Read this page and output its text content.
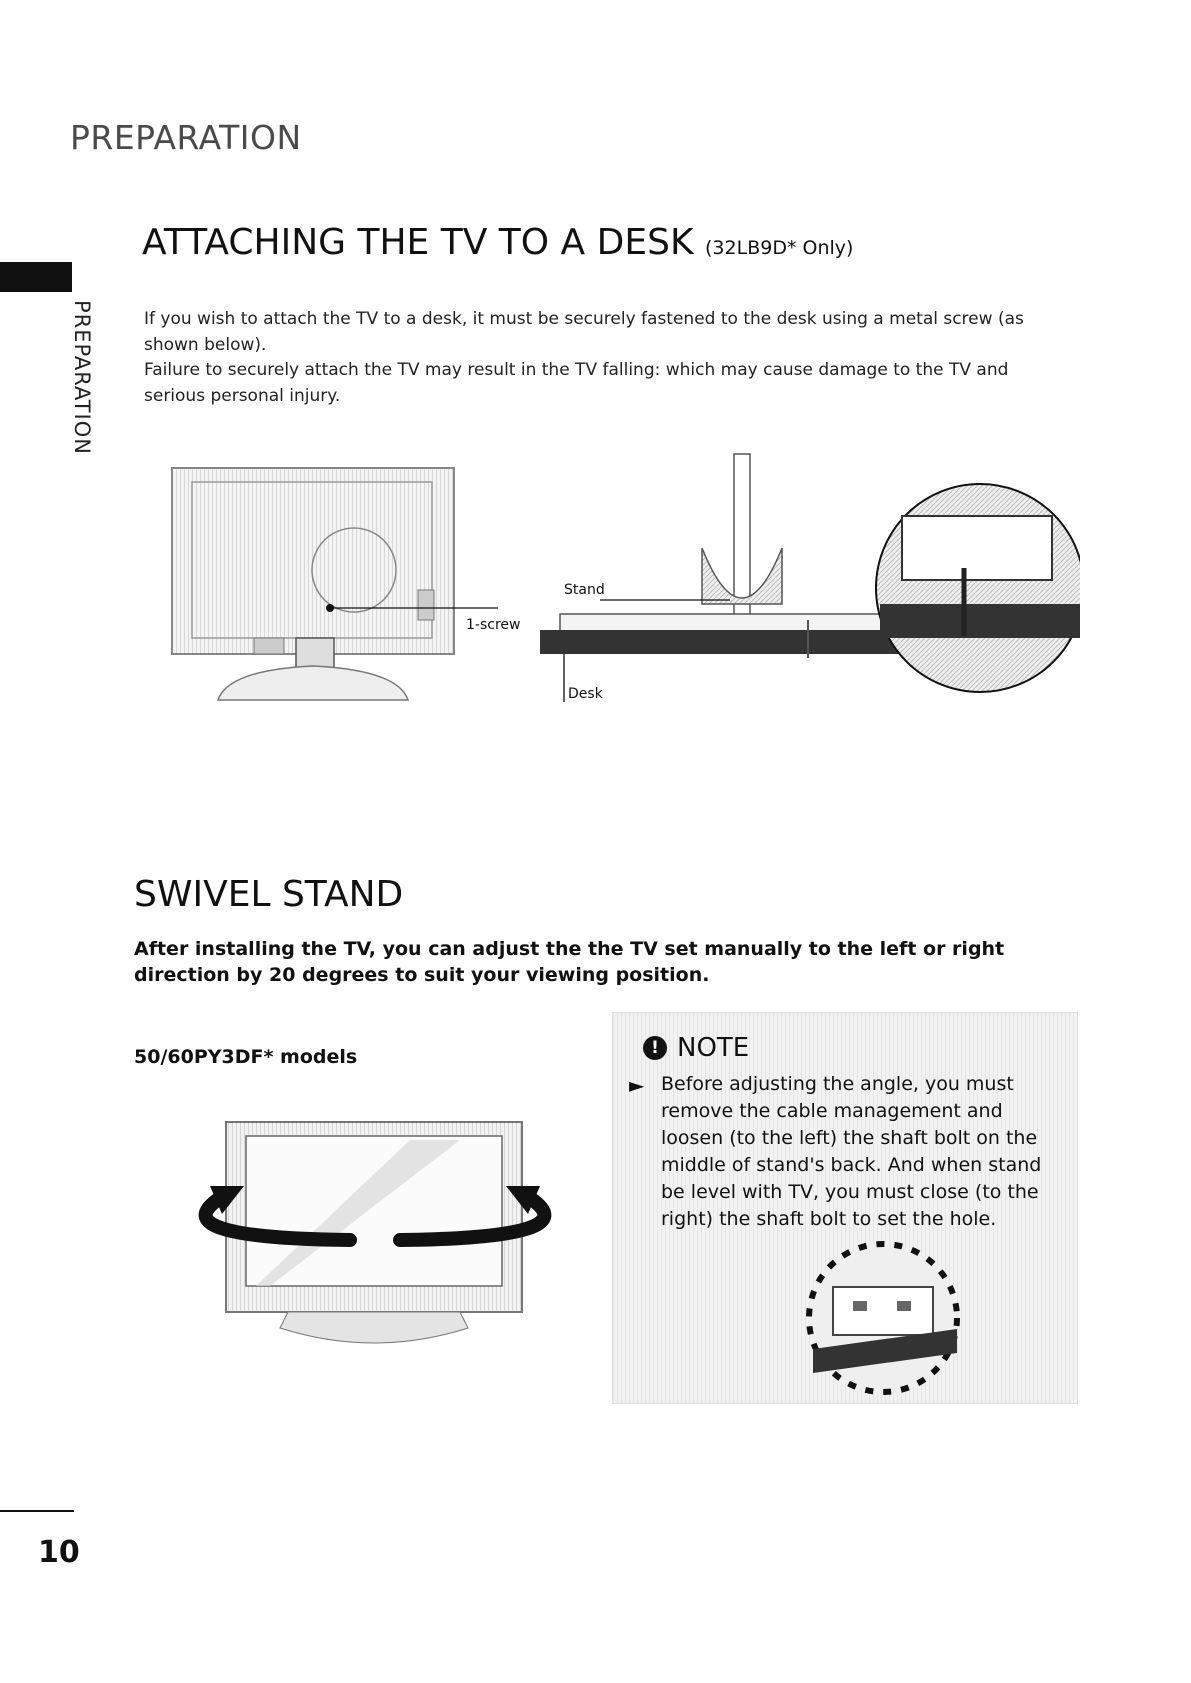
PREPARATION
PREPARATION
ATTACHING THE TV TO A DESK (32LB9D* Only)
If you wish to attach the TV to a desk, it must be securely fastened to the desk using a metal screw (as shown below).
Failure to securely attach the TV may result in the TV falling: which may cause damage to the TV and serious personal injury.
1-screw
Stand
Desk
SWIVEL STAND
After installing the TV, you can adjust the the TV set manually to the left or right direction by 20 degrees to suit your viewing position.
50/60PY3DF* models	! NOTE
► Before adjusting the angle, you must remove the cable management and loosen (to the left) the shaft bolt on the middle of stand's back. And when stand be level with TV, you must close (to the right) the shaft bolt to set the hole.
10
